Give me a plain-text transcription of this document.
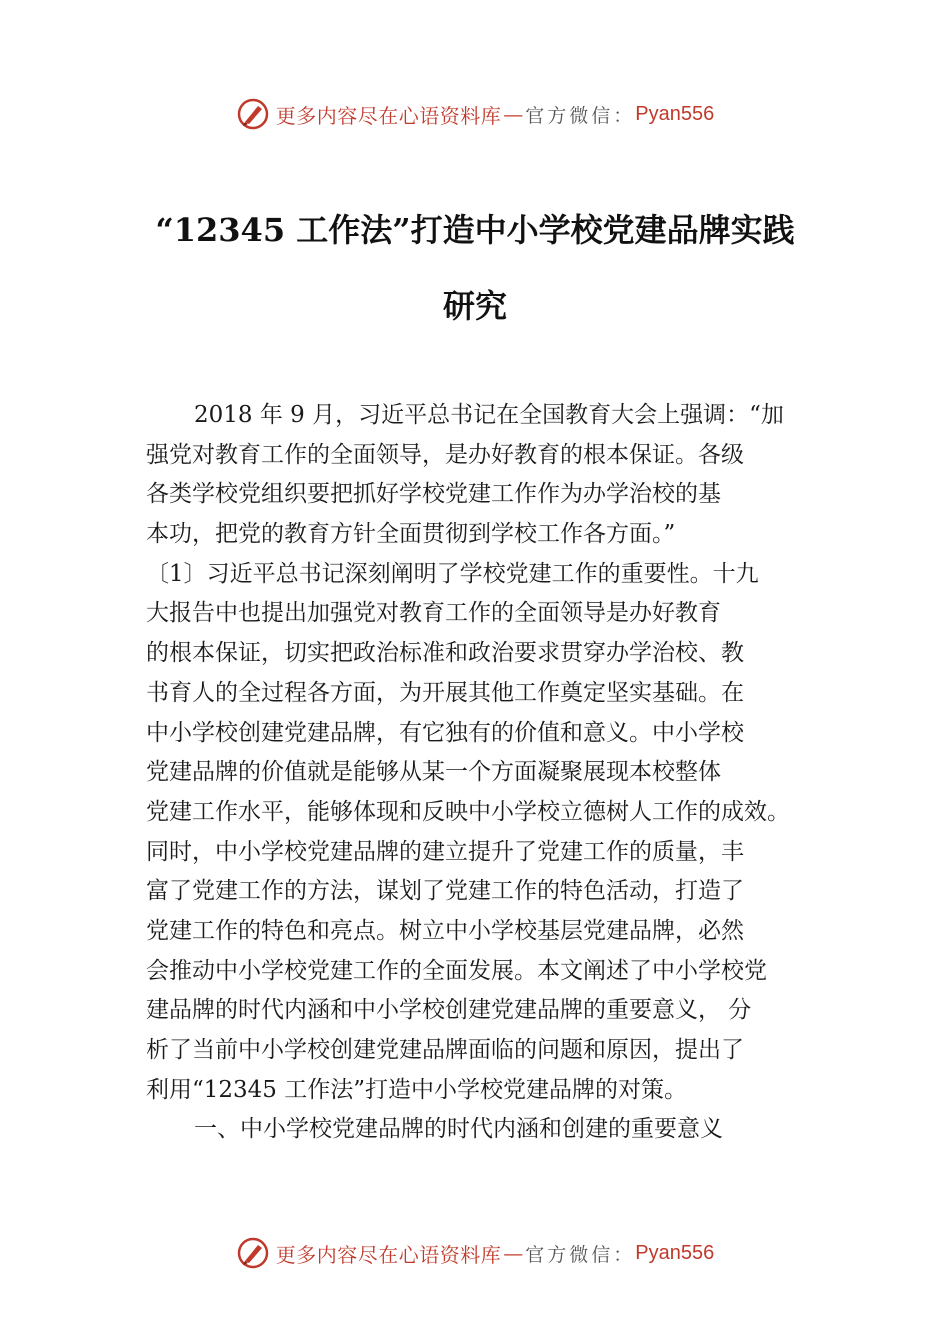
更多内容尽在心语资料库 — 官方微信： Pyan556
“12345 工作法”打造中小学校党建品牌实践
研究
2018 年 9 月，习近平总书记在全国教育大会上强调：“加
强党对教育工作的全面领导，是办好教育的根本保证。各级
各类学校党组织要把抓好学校党建工作作为办学治校的基
本功，把党的教育方针全面贯彻到学校工作各方面。”
〔1〕习近平总书记深刻阐明了学校党建工作的重要性。十九
大报告中也提出加强党对教育工作的全面领导是办好教育
的根本保证，切实把政治标准和政治要求贯穿办学治校、教
书育人的全过程各方面，为开展其他工作奠定坚实基础。在
中小学校创建党建品牌，有它独有的价值和意义。中小学校
党建品牌的价值就是能够从某一个方面凝聚展现本校整体
党建工作水平，能够体现和反映中小学校立德树人工作的成效。
同时，中小学校党建品牌的建立提升了党建工作的质量，丰
富了党建工作的方法，谋划了党建工作的特色活动，打造了
党建工作的特色和亮点。树立中小学校基层党建品牌，必然
会推动中小学校党建工作的全面发展。本文阐述了中小学校党
建品牌的时代内涵和中小学校创建党建品牌的重要意义， 分
析了当前中小学校创建党建品牌面临的问题和原因，提出了
利用“12345 工作法”打造中小学校党建品牌的对策。
一、中小学校党建品牌的时代内涵和创建的重要意义
更多内容尽在心语资料库 — 官方微信： Pyan556
